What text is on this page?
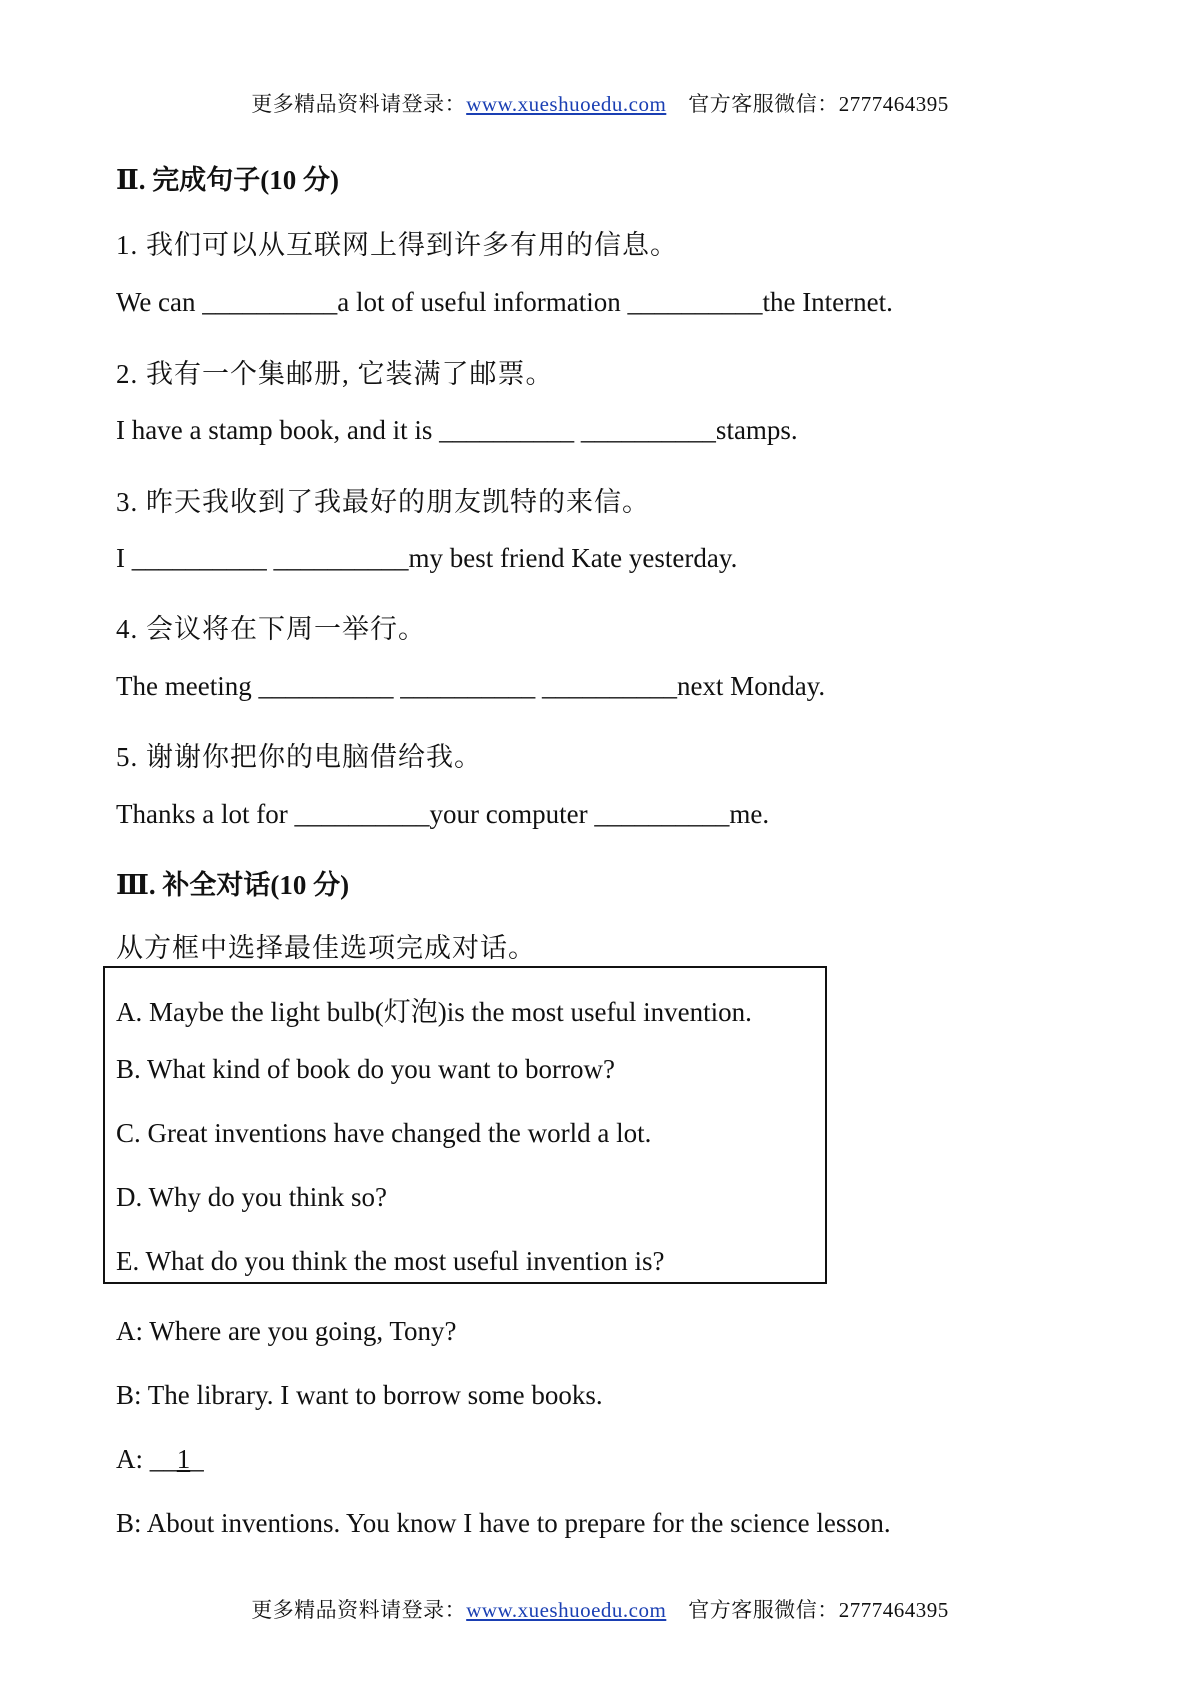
更多精品资料请登录：www.xueshuoedu.com 官方客服微信：2777464395
Ⅱ. 完成句子(10 分)
1. 我们可以从互联网上得到许多有用的信息。
We can __________a lot of useful information __________the Internet.
2. 我有一个集邮册, 它装满了邮票。
I have a stamp book, and it is __________ __________stamps.
3. 昨天我收到了我最好的朋友凯特的来信。
I __________ __________my best friend Kate yesterday.
4. 会议将在下周一举行。
The meeting __________ __________ __________next Monday.
5. 谢谢你把你的电脑借给我。
Thanks a lot for __________your computer __________me.
Ⅲ. 补全对话(10 分)
从方框中选择最佳选项完成对话。
A. Maybe the light bulb(灯泡)is the most useful invention.
B. What kind of book do you want to borrow?
C. Great inventions have changed the world a lot.
D. Why do you think so?
E. What do you think the most useful invention is?
A: Where are you going, Tony?
B: The library. I want to borrow some books.
A: __1_
B: About inventions. You know I have to prepare for the science lesson.
更多精品资料请登录：www.xueshuoedu.com 官方客服微信：2777464395
